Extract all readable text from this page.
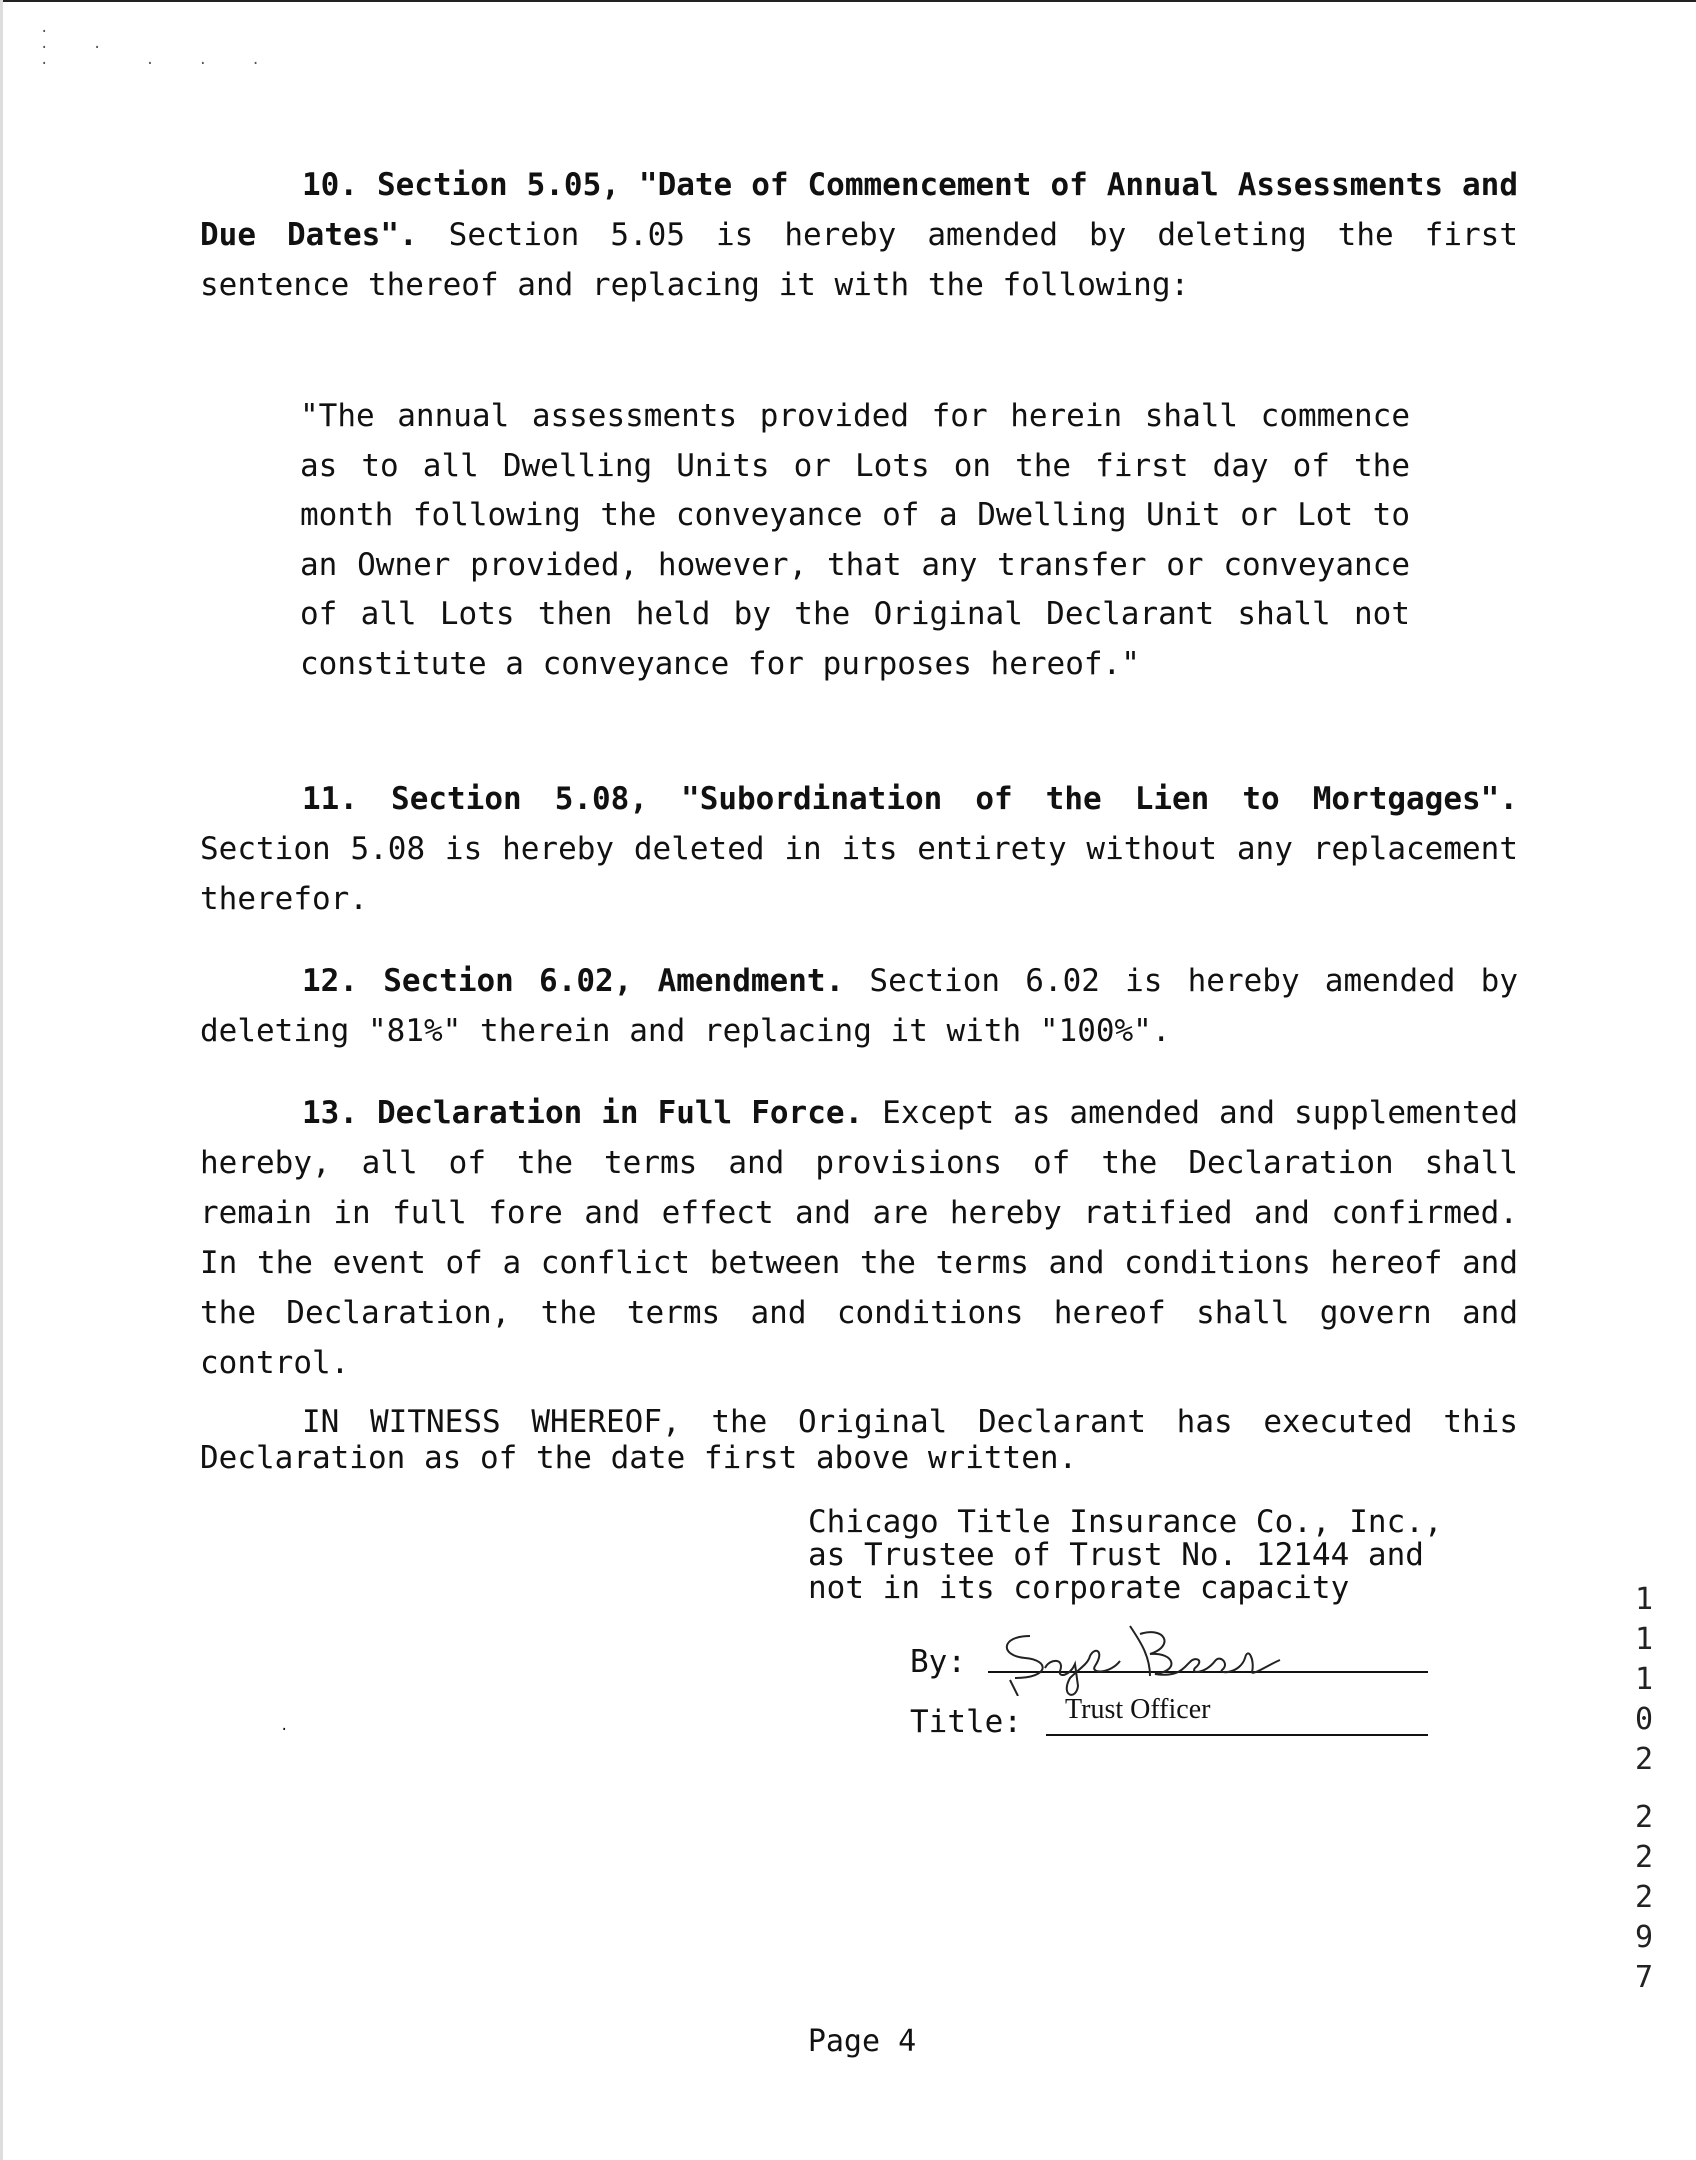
.
. .
.   . . .
10. Section 5.05, "Date of Commencement of Annual Assessments and Due Dates". Section 5.05 is hereby amended by deleting the first sentence thereof and replacing it with the following:
"The annual assessments provided for herein shall commence as to all Dwelling Units or Lots on the first day of the month following the conveyance of a Dwelling Unit or Lot to an Owner provided, however, that any transfer or conveyance of all Lots then held by the Original Declarant shall not constitute a conveyance for purposes hereof."
11. Section 5.08, "Subordination of the Lien to Mortgages". Section 5.08 is hereby deleted in its entirety without any replacement therefor.
12. Section 6.02, Amendment. Section 6.02 is hereby amended by deleting "81%" therein and replacing it with "100%".
13. Declaration in Full Force. Except as amended and supplemented hereby, all of the terms and provisions of the Declaration shall remain in full fore and effect and are hereby ratified and confirmed. In the event of a conflict between the terms and conditions hereof and the Declaration, the terms and conditions hereof shall govern and control.
IN WITNESS WHEREOF, the Original Declarant has executed this Declaration as of the date first above written.
Chicago Title Insurance Co., Inc.,
as Trustee of Trust No. 12144 and
not in its corporate capacity
By:
Title: Trust Officer
.
1
1
1
0
2
2
2
2
9
7
Page 4
